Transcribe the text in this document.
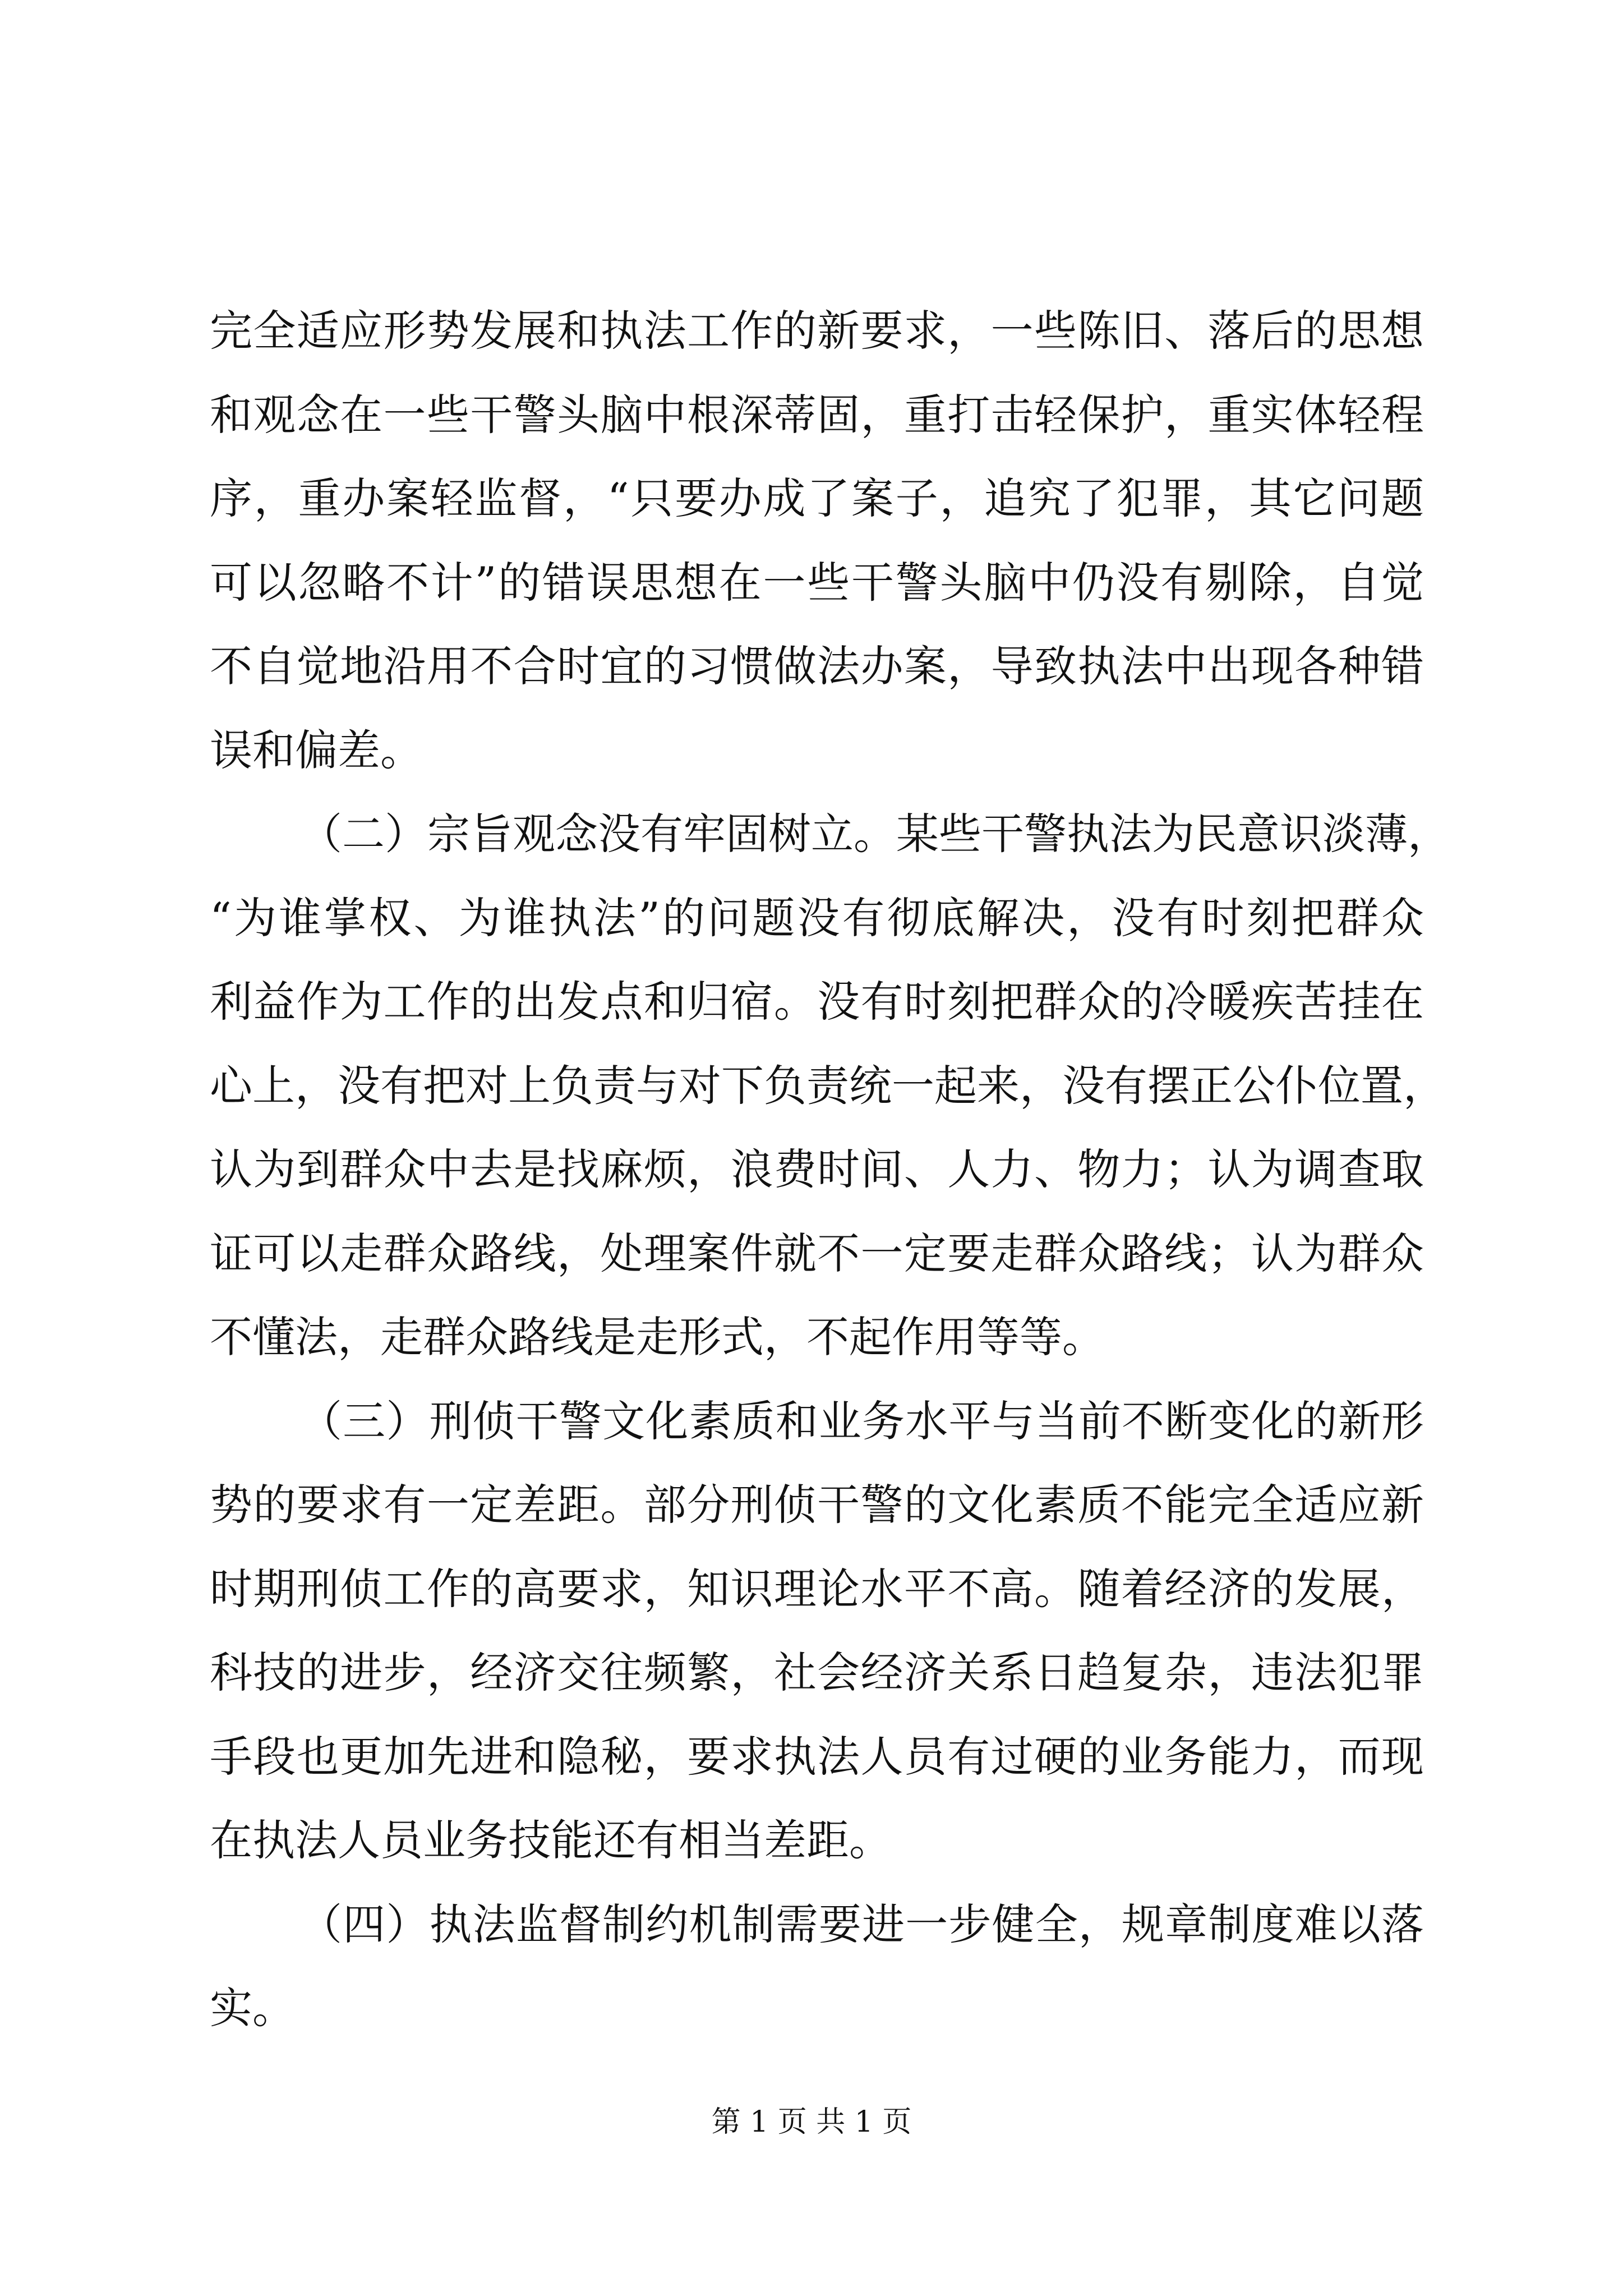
完全适应形势发展和执法工作的新要求，一些陈旧、落后的思想
和观念在一些干警头脑中根深蒂固，重打击轻保护，重实体轻程
序，重办案轻监督，“只要办成了案子，追究了犯罪，其它问题
可以忽略不计”的错误思想在一些干警头脑中仍没有剔除，自觉
不自觉地沿用不合时宜的习惯做法办案，导致执法中出现各种错
误和偏差。
（二）宗旨观念没有牢固树立。某些干警执法为民意识淡薄，
“为谁掌权、为谁执法”的问题没有彻底解决，没有时刻把群众
利益作为工作的出发点和归宿。没有时刻把群众的冷暖疾苦挂在
心上，没有把对上负责与对下负责统一起来，没有摆正公仆位置，
认为到群众中去是找麻烦，浪费时间、人力、物力；认为调查取
证可以走群众路线，处理案件就不一定要走群众路线；认为群众
不懂法，走群众路线是走形式，不起作用等等。
（三）刑侦干警文化素质和业务水平与当前不断变化的新形
势的要求有一定差距。部分刑侦干警的文化素质不能完全适应新
时期刑侦工作的高要求，知识理论水平不高。随着经济的发展，
科技的进步，经济交往频繁，社会经济关系日趋复杂，违法犯罪
手段也更加先进和隐秘，要求执法人员有过硬的业务能力，而现
在执法人员业务技能还有相当差距。
（四）执法监督制约机制需要进一步健全，规章制度难以落
实。
第 1 页 共 1 页
